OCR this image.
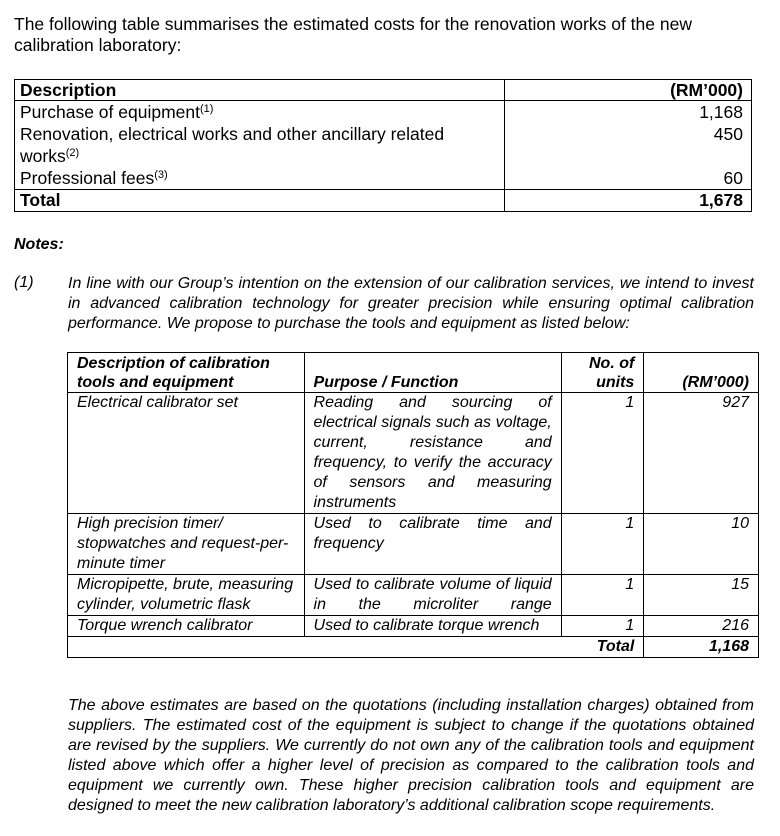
The following table summarises the estimated costs for the renovation works of the new calibration laboratory:

Description	(RM’000)
Purchase of equipment$^{(1)}$	1,168
Renovation, electrical works and other ancillary related works$^{(2)}$	450
Professional fees$^{(3)}$	60
Total	1,678
Notes:
(1) In line with our Group’s intention on the extension of our calibration services, we intend to invest in advanced calibration technology for greater precision while ensuring optimal calibration performance. We propose to purchase the tools and equipment as listed below:
Description of calibration tools and equipment	Purpose / Function	No. of units	(RM’000)
Electrical calibrator set	Reading and sourcing of electrical signals such as voltage, current, resistance and frequency, to verify the accuracy of sensors and measuring instruments	1	927
High precision timer/ stopwatches and request-per-minute timer	Used to calibrate time and frequency	1	10
Micropipette, brute, measuring cylinder, volumetric flask	Used to calibrate volume of liquid in the microliter range	1	15
Torque wrench calibrator	Used to calibrate torque wrench	1	216
Total			1,168
The above estimates are based on the quotations (including installation charges) obtained from suppliers. The estimated cost of the equipment is subject to change if the quotations obtained are revised by the suppliers. We currently do not own any of the calibration tools and equipment listed above which offer a higher level of precision as compared to the calibration tools and equipment we currently own. These higher precision calibration tools and equipment are designed to meet the new calibration laboratory’s additional calibration scope requirements.
